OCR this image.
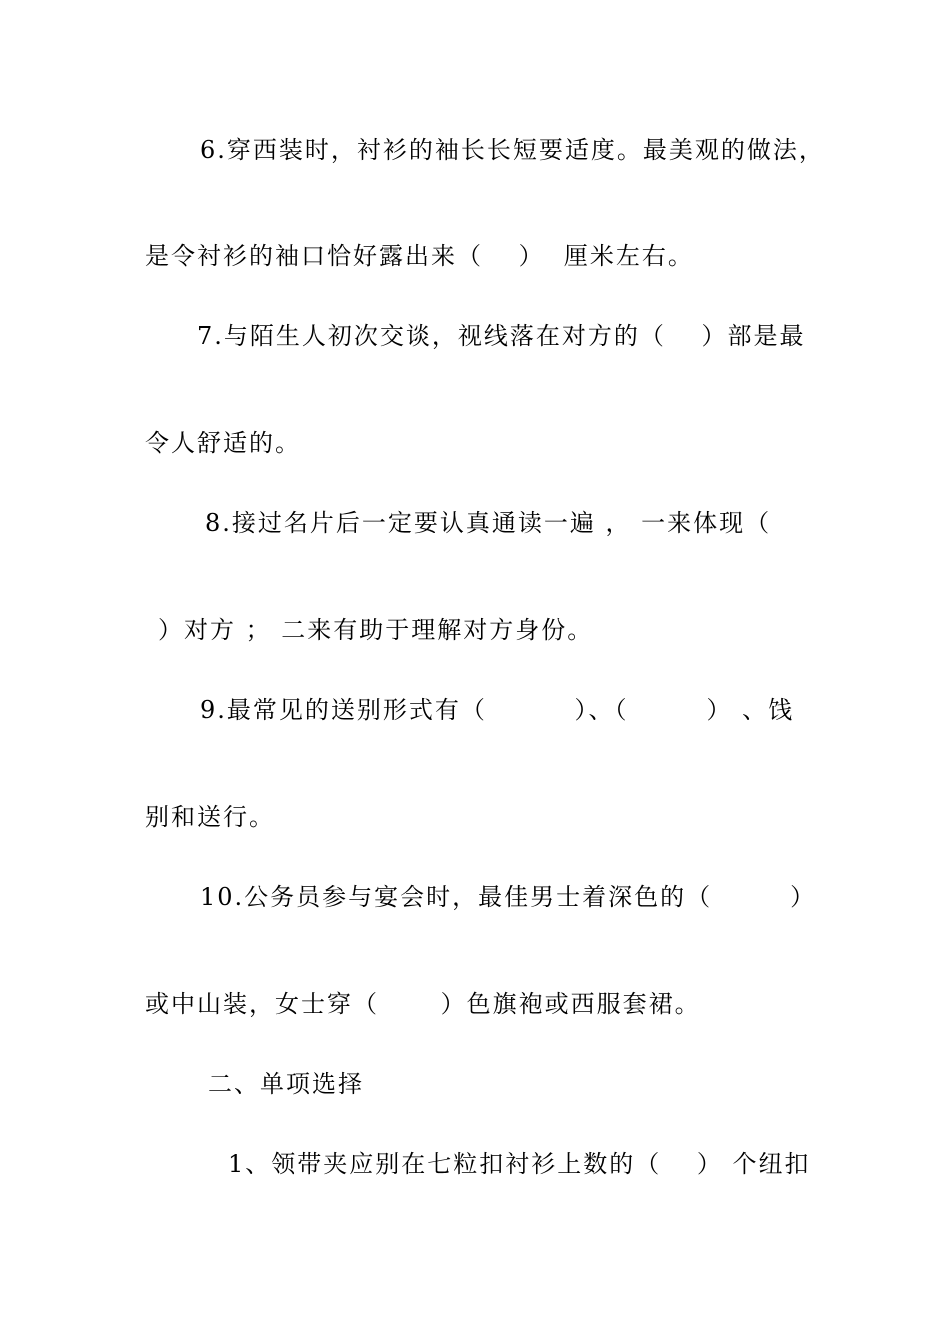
6.穿西装时，衬衫的袖长长短要适度。最美观的做法，
是令衬衫的袖口恰好露出来（　 ）  厘米左右。
7.与陌生人初次交谈，视线落在对方的（　 ）部是最
令人舒适的。
8.接过名片后一定要认真通读一遍 ， 一来体现（
）对方 ； 二来有助于理解对方身份。
9.最常见的送别形式有（　　　 ）、（　　　） 、饯
别和送行。
10.公务员参与宴会时，最佳男士着深色的（　　　）
或中山装，女士穿（　　 ）色旗袍或西服套裙。
二、单项选择
1、领带夹应别在七粒扣衬衫上数的（　 ） 个纽扣
